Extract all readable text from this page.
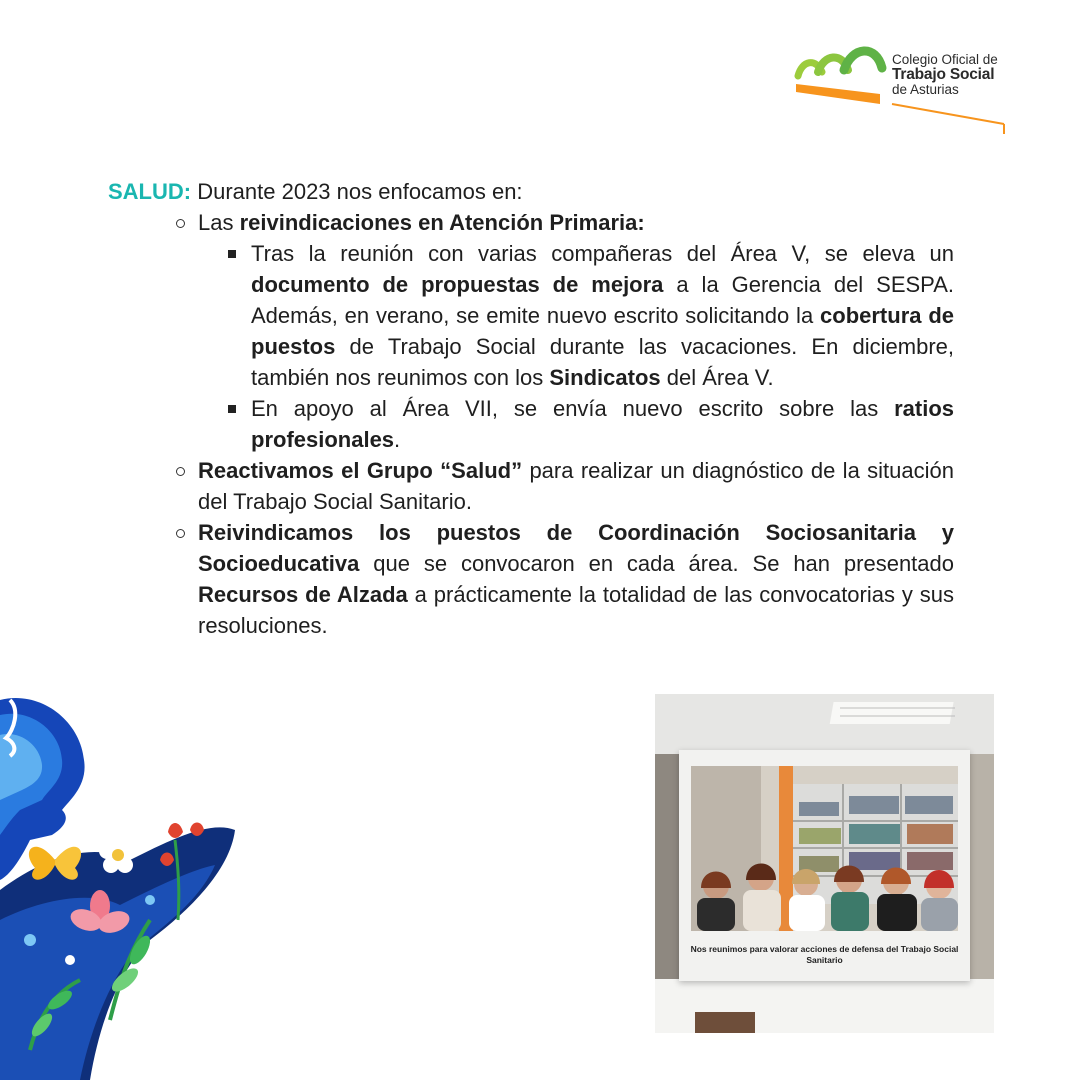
Colegio Oficial de
Trabajo Social
de Asturias

SALUD: Durante 2023 nos enfocamos en:

Las reivindicaciones en Atención Primaria:
Tras la reunión con varias compañeras del Área V, se eleva un documento de propuestas de mejora a la Gerencia del SESPA. Además, en verano, se emite nuevo escrito solicitando la cobertura de puestos de Trabajo Social durante las vacaciones. En diciembre, también nos reunimos con los Sindicatos del Área V.
En apoyo al Área VII, se envía nuevo escrito sobre las ratios profesionales.
Reactivamos el Grupo “Salud” para realizar un diagnóstico de la situación del Trabajo Social Sanitario.
Reivindicamos los puestos de Coordinación Sociosanitaria y Socioeducativa que se convocaron en cada área. Se han presentado Recursos de Alzada a prácticamente la totalidad de las convocatorias y sus resoluciones.
Nos reunimos para valorar acciones de defensa del Trabajo Social Sanitario
